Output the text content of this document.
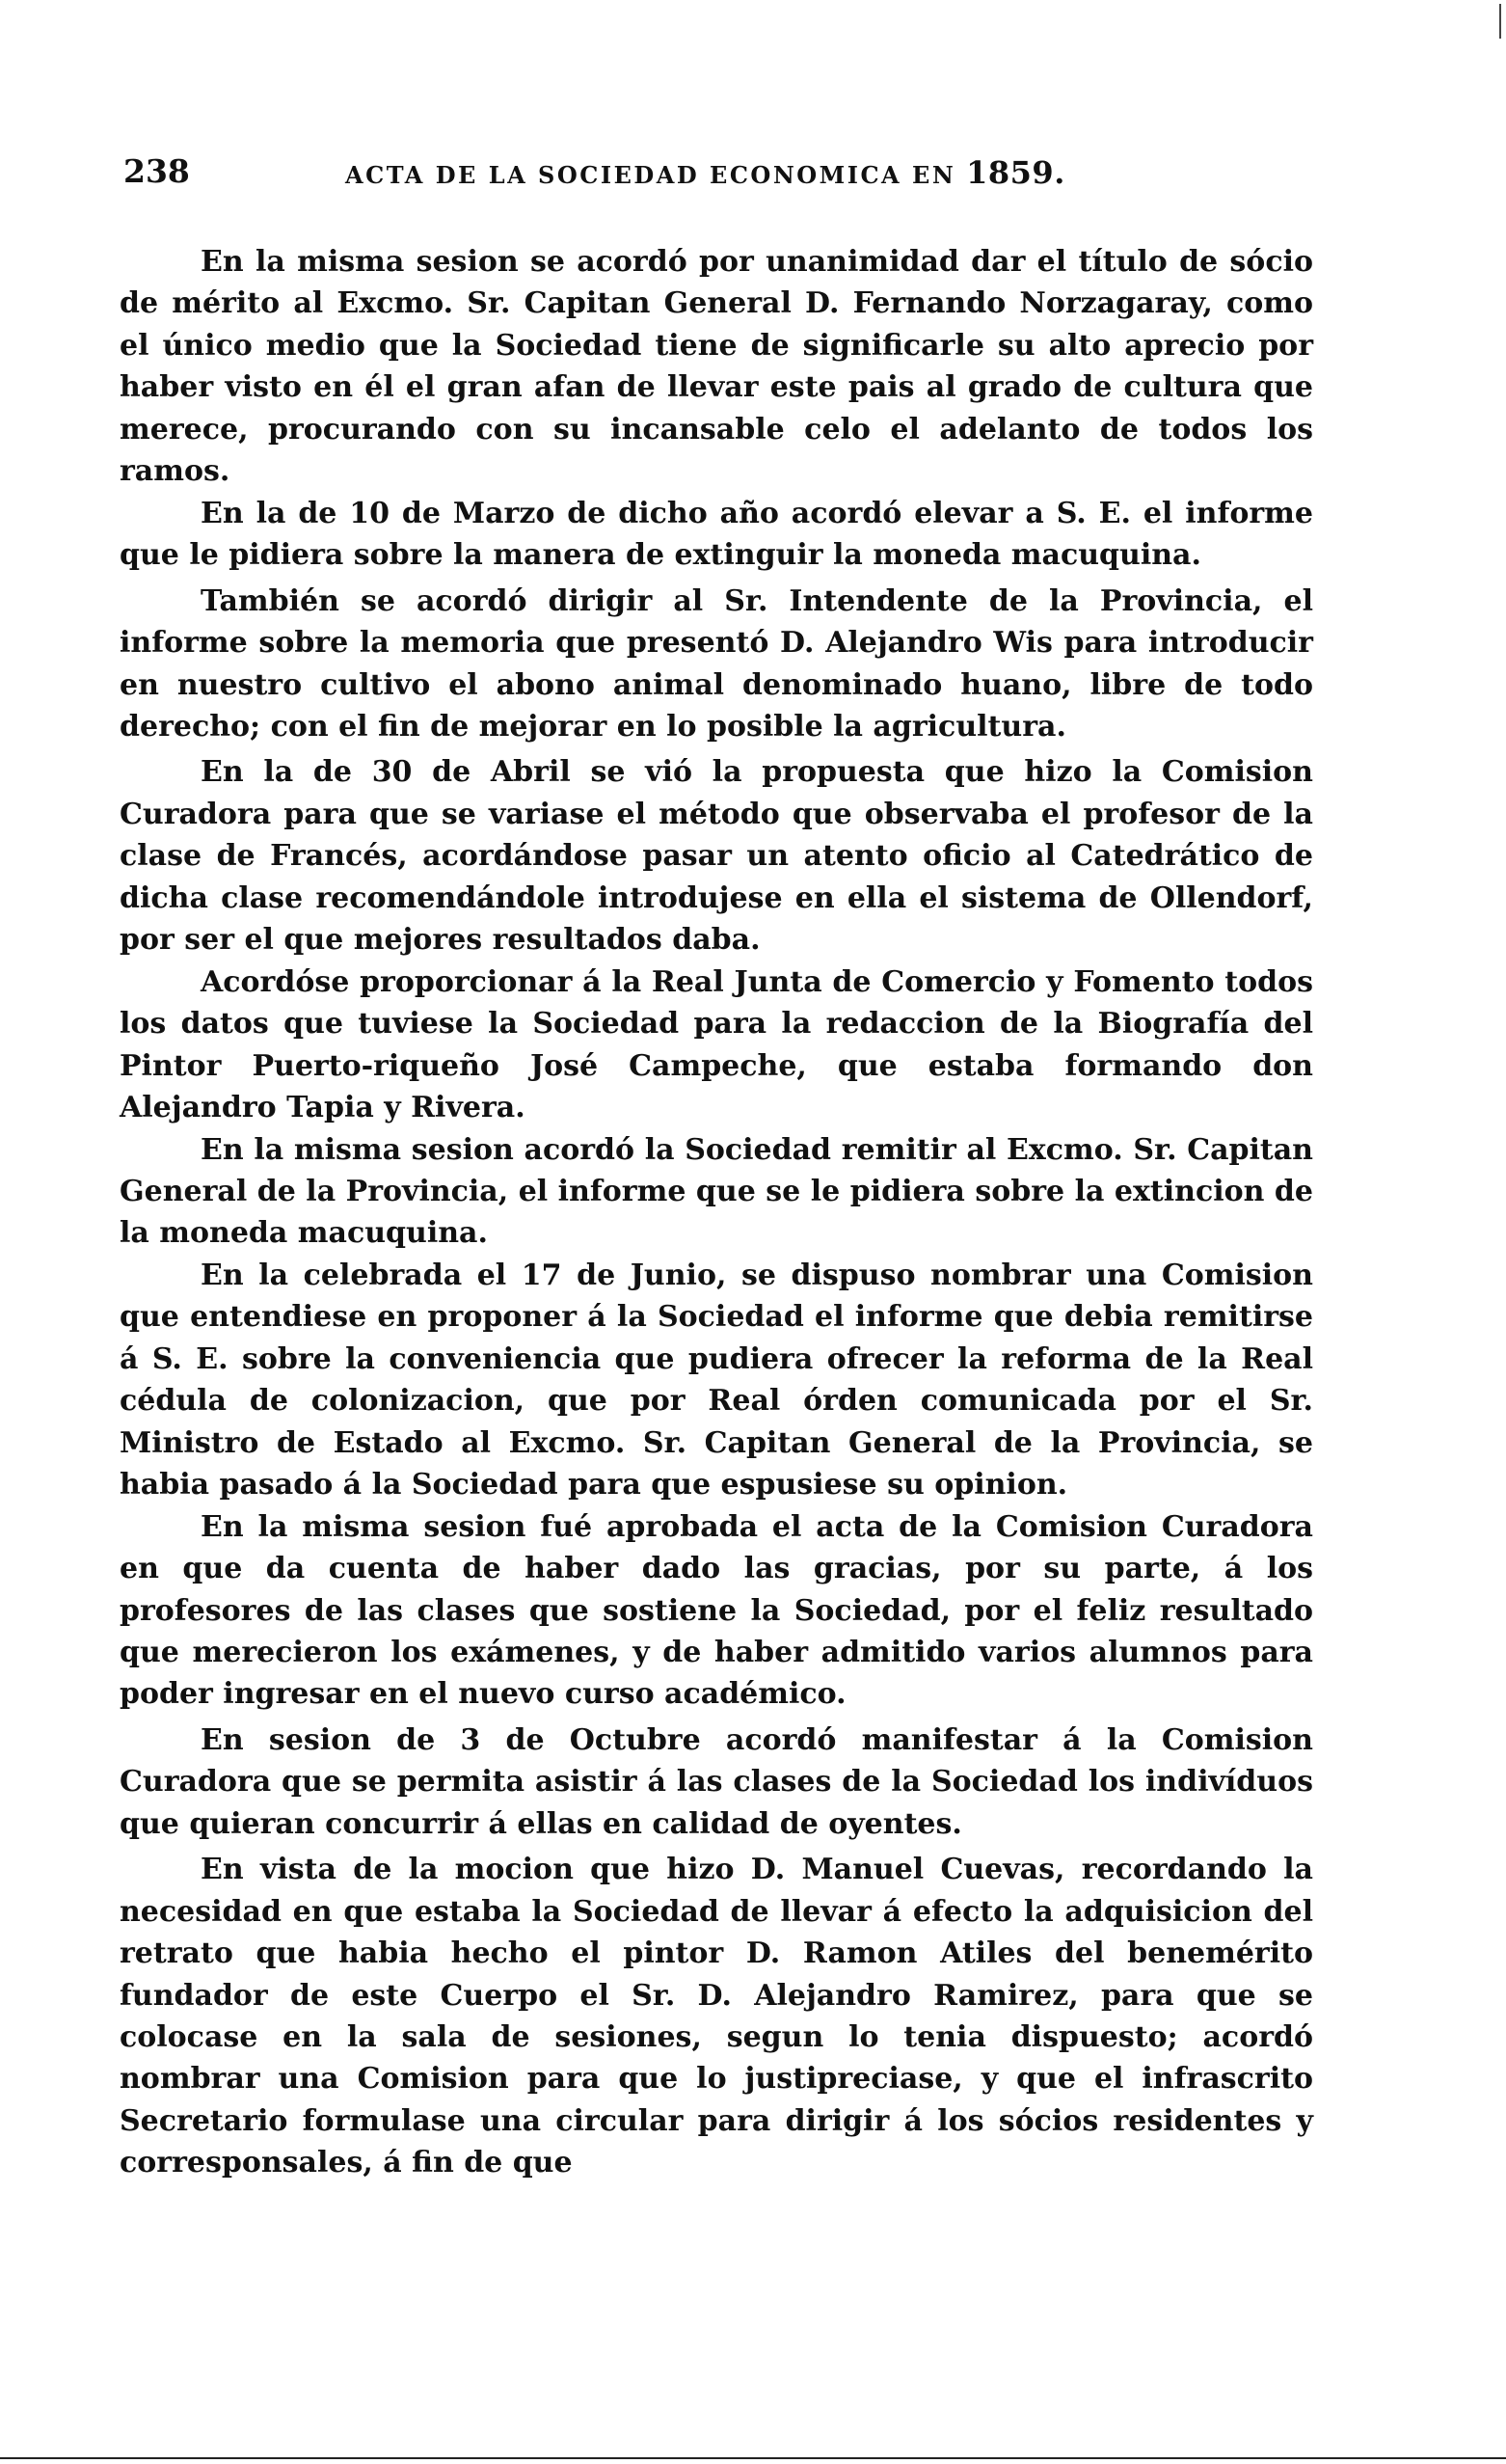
238	ACTA DE LA SOCIEDAD ECONOMICA EN 1859.

En la misma sesion se acordó por unanimidad dar el título de sócio de mérito al Excmo. Sr. Capitan General D. Fernando Norzagaray, como el único medio que la Sociedad tiene de significarle su alto aprecio por haber visto en él el gran afan de llevar este pais al grado de cultura que merece, procurando con su incansable celo el adelanto de todos los ramos.

En la de 10 de Marzo de dicho año acordó elevar a S. E. el informe que le pidiera sobre la manera de extinguir la moneda macuquina.

También se acordó dirigir al Sr. Intendente de la Provincia, el informe sobre la memoria que presentó D. Alejandro Wis para introducir en nuestro cultivo el abono animal denominado huano, libre de todo derecho; con el fin de mejorar en lo posible la agricultura.

En la de 30 de Abril se vió la propuesta que hizo la Comision Curadora para que se variase el método que observaba el profesor de la clase de Francés, acordándose pasar un atento oficio al Catedrático de dicha clase recomendándole introdujese en ella el sistema de Ollendorf, por ser el que mejores resultados daba.

Acordóse proporcionar á la Real Junta de Comercio y Fomento todos los datos que tuviese la Sociedad para la redaccion de la Biografía del Pintor Puerto-riqueño José Campeche, que estaba formando don Alejandro Tapia y Rivera.

En la misma sesion acordó la Sociedad remitir al Excmo. Sr. Capitan General de la Provincia, el informe que se le pidiera sobre la extincion de la moneda macuquina.

En la celebrada el 17 de Junio, se dispuso nombrar una Comision que entendiese en proponer á la Sociedad el informe que debia remitirse á S. E. sobre la conveniencia que pudiera ofrecer la reforma de la Real cédula de colonizacion, que por Real órden comunicada por el Sr. Ministro de Estado al Excmo. Sr. Capitan General de la Provincia, se habia pasado á la Sociedad para que espusiese su opinion.

En la misma sesion fué aprobada el acta de la Comision Curadora en que da cuenta de haber dado las gracias, por su parte, á los profesores de las clases que sostiene la Sociedad, por el feliz resultado que merecieron los exámenes, y de haber admitido varios alumnos para poder ingresar en el nuevo curso académico.

En sesion de 3 de Octubre acordó manifestar á la Comision Curadora que se permita asistir á las clases de la Sociedad los indivíduos que quieran concurrir á ellas en calidad de oyentes.

En vista de la mocion que hizo D. Manuel Cuevas, recordando la necesidad en que estaba la Sociedad de llevar á efecto la adquisicion del retrato que habia hecho el pintor D. Ramon Atiles del benemérito fundador de este Cuerpo el Sr. D. Alejandro Ramirez, para que se colocase en la sala de sesiones, segun lo tenia dispuesto; acordó nombrar una Comision para que lo justipreciase, y que el infrascrito Secretario formulase una circular para dirigir á los sócios residentes y corresponsales, á fin de que
